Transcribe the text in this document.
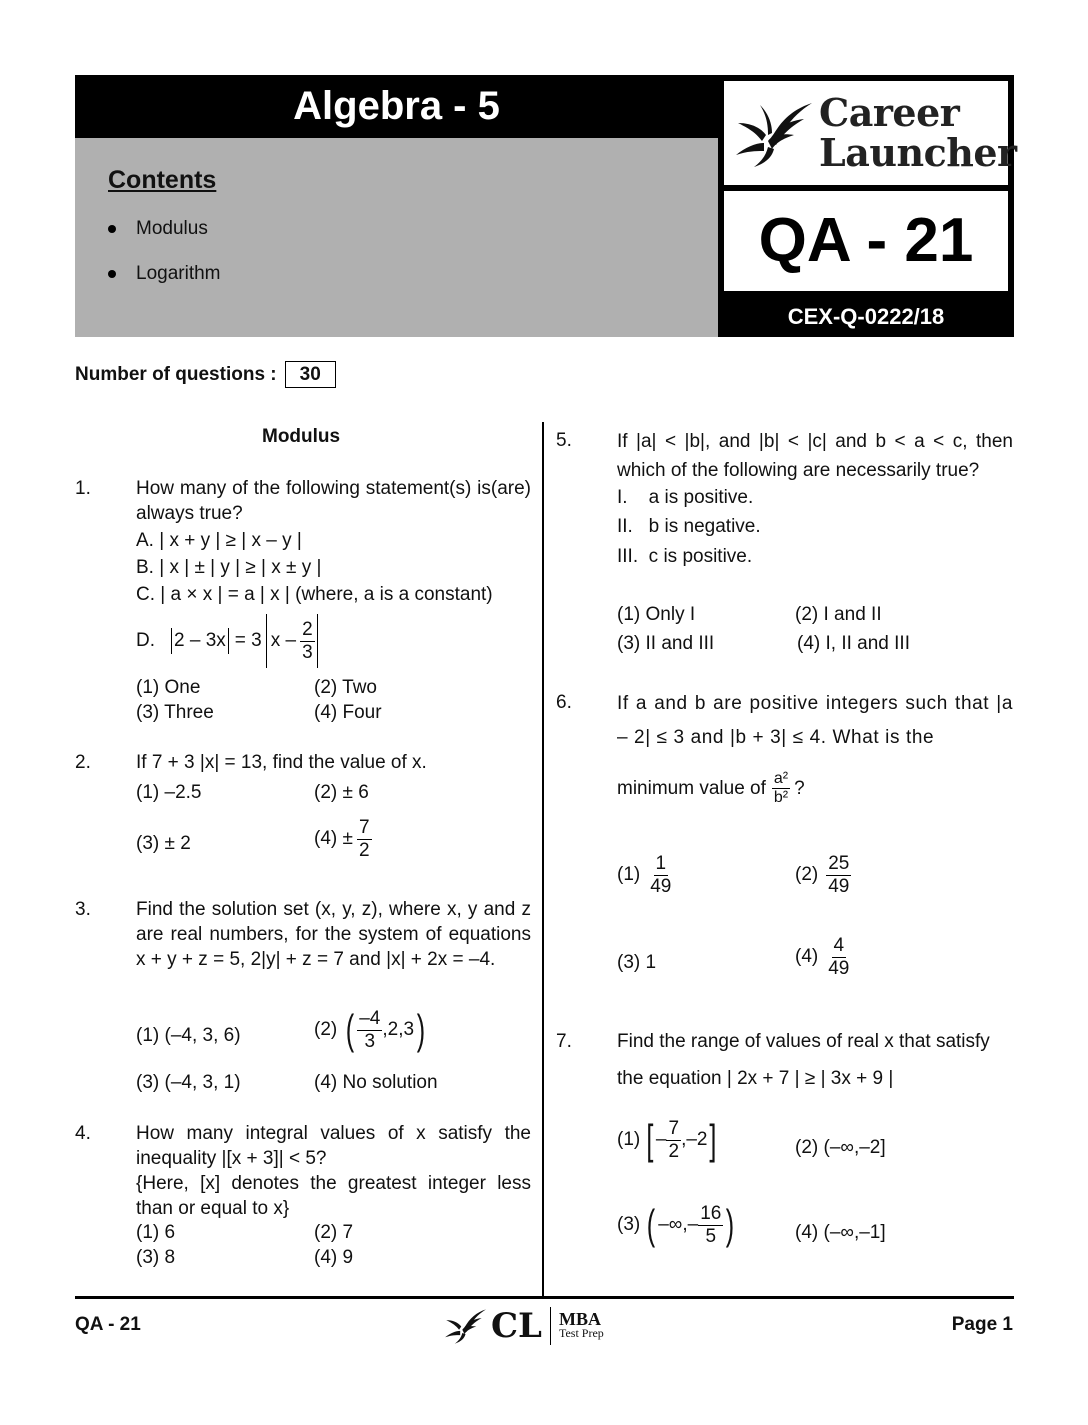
Algebra - 5
Contents
Modulus
Logarithm
Career
Launcher
QA - 21
CEX-Q-0222/18
Number of questions :	30
Modulus
1. How many of the following statement(s) is(are) always true?
A. | x + y | ≥ | x – y |
B. | x | ± | y | ≥ | x ± y |
C. | a × x | = a | x | (where, a is a constant)
D. 2 – 3x = 3 x – $\frac{2}{3}$
(1) One	(2) Two
(3) Three	(4) Four
2. If 7 + 3 |x| = 13, find the value of x.
(1) –2.5	(2) ± 6
(3) ± 2	$(4) \pm \frac{7}{2}$
3. Find the solution set (x, y, z), where x, y and z are real numbers, for the system of equations x + y + z = 5, 2|y| + z = 7 and |x| + 2x = –4.
(1) (–4, 3, 6)	(2) ( $\frac{-4}{3} ,2,3$ )
(3) (–4, 3, 1)	(4) No solution
4. How many integral values of x satisfy the inequality |[x + 3]| < 5?
{Here, [x] denotes the greatest integer less than or equal to x}
(1) 6	(2) 7
(3) 8	(4) 9
5. If |a| < |b|, and |b| < |c| and b < a < c, then which of the following are necessarily true?
I.    a is positive.
II.   b is negative.
III.  c is positive.
(1) Only I	(2) I and II
(3) II and III	(4) I, II and III
6. If a and b are positive integers such that |a – 2| ≤ 3 and |b + 3| ≤ 4. What is the
minimum value of $\frac{\text{a²}}{\text{b²}}$ ?
$(1) \frac{1}{49}$	$(2) \frac{25}{49}$
(3) 1	$(4) \frac{4}{49}$
7. Find the range of values of real x that satisfy
the equation | 2x + 7 | ≥ | 3x + 9 |
(1) [ – $\frac{7}{2} ,-2$ ]	(2) (–∞,–2]
(3) ( –∞,– $\frac{16}{5}$ )	(4) (–∞,–1]
QA - 21	CL MBA
Test Prep	Page 1
